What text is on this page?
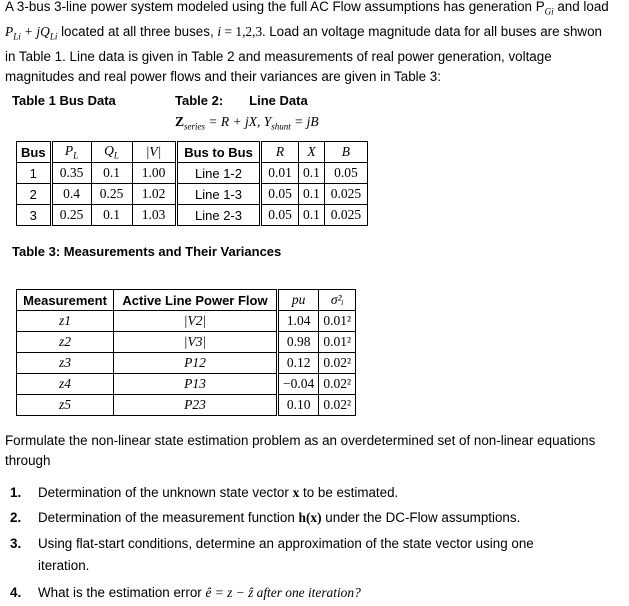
A 3-bus 3-line power system modeled using the full AC Flow assumptions has generation $P_{Gi}$ and load
$P_{Li} + jQ_{Li}$ located at all three buses, i = 1,2,3. Load an voltage magnitude data for all buses are shwon
in Table 1. Line data is given in Table 2 and measurements of real power generation, voltage
magnitudes and real power flows and their variances are given in Table 3:
Table 1 Bus Data
Bus	$P_L$	$Q_L$	|V|
1	0.35	0.1	1.00
2	0.4	0.25	1.02
3	0.25	0.1	1.03
Table 2: Line Data
$Z_{series} = R$ + jX, $Y_{shunt}$ = jB
Bus to Bus	R	X	B
Line 1-2	0.01	0.1	0.05
Line 1-3	0.05	0.1	0.025
Line 2-3	0.05	0.1	0.025
Table 3: Measurements and Their Variances
Measurement	Active Line Power Flow	pu	σ²ᵢ
z1	|V2|	1.04	0.01²
z2	|V3|	0.98	0.01²
z3	P12	0.12	0.02²
z4	P13	−0.04	0.02²
z5	P23	0.10	0.02²
Formulate the non-linear state estimation problem as an overdetermined set of non-linear equations
through
1. Determination of the unknown state vector x to be estimated.
2. Determination of the measurement function h(x) under the DC-Flow assumptions.
3. Using flat-start conditions, determine an approximation of the state vector using one
iteration.
4. What is the estimation error ê = z − ẑ after one iteration?
